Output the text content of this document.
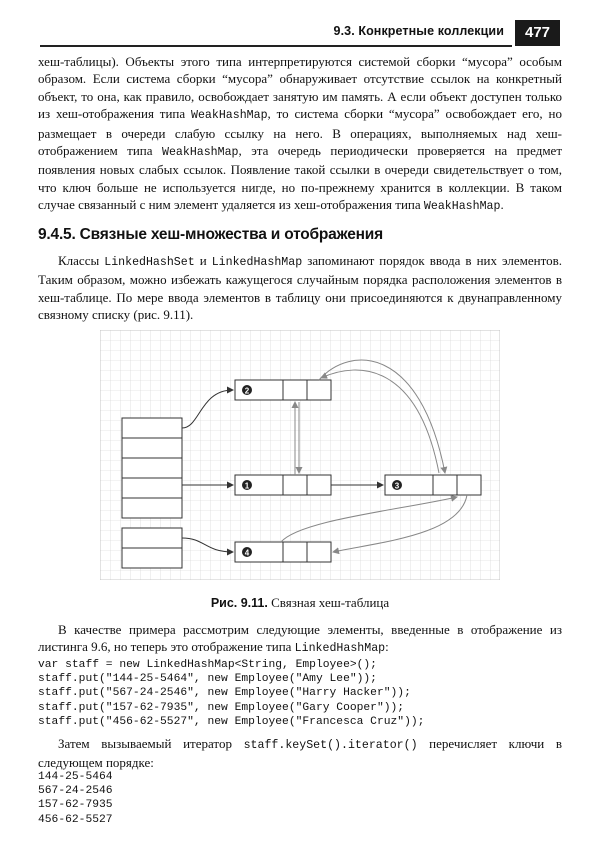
9.3. Конкретные коллекции	477

хеш-таблицы). Объекты этого типа интерпретируются системой сборки “мусора” особым образом. Если система сборки “мусора” обнаруживает отсутствие ссылок на конкретный объект, то она, как правило, освобождает занятую им память. А если объект доступен только из хеш-отображения типа WeakHashMap, то система сборки “мусора” освобождает его, но размещает в очереди слабую ссылку на него. В операциях, выполняемых над хеш-отображением типа WeakHashMap, эта очередь периодически проверяется на предмет появления новых слабых ссылок. Появление такой ссылки в очереди свидетельствует о том, что ключ больше не используется нигде, но по-прежнему хранится в коллекции. В таком случае связанный с ним элемент удаляется из хеш-отображения типа WeakHashMap.

9.4.5. Связные хеш-множества и отображения

Классы LinkedHashSet и LinkedHashMap запоминают порядок ввода в них элементов. Таким образом, можно избежать кажущегося случайным порядка расположения элементов в хеш-таблице. По мере ввода элементов в таблицу они присоединяются к двунаправленному связному списку (рис. 9.11).

2
1	3
4
Рис. 9.11. Связная хеш-таблица

В качестве примера рассмотрим следующие элементы, введенные в отображение из листинга 9.6, но теперь это отображение типа LinkedHashMap:

var staff = new LinkedHashMap<String, Employee>();
staff.put("144-25-5464", new Employee("Amy Lee"));
staff.put("567-24-2546", new Employee("Harry Hacker"));
staff.put("157-62-7935", new Employee("Gary Cooper"));
staff.put("456-62-5527", new Employee("Francesca Cruz"));

Затем вызываемый итератор staff.keySet().iterator() перечисляет ключи в следующем порядке:

144-25-5464
567-24-2546
157-62-7935
456-62-5527
